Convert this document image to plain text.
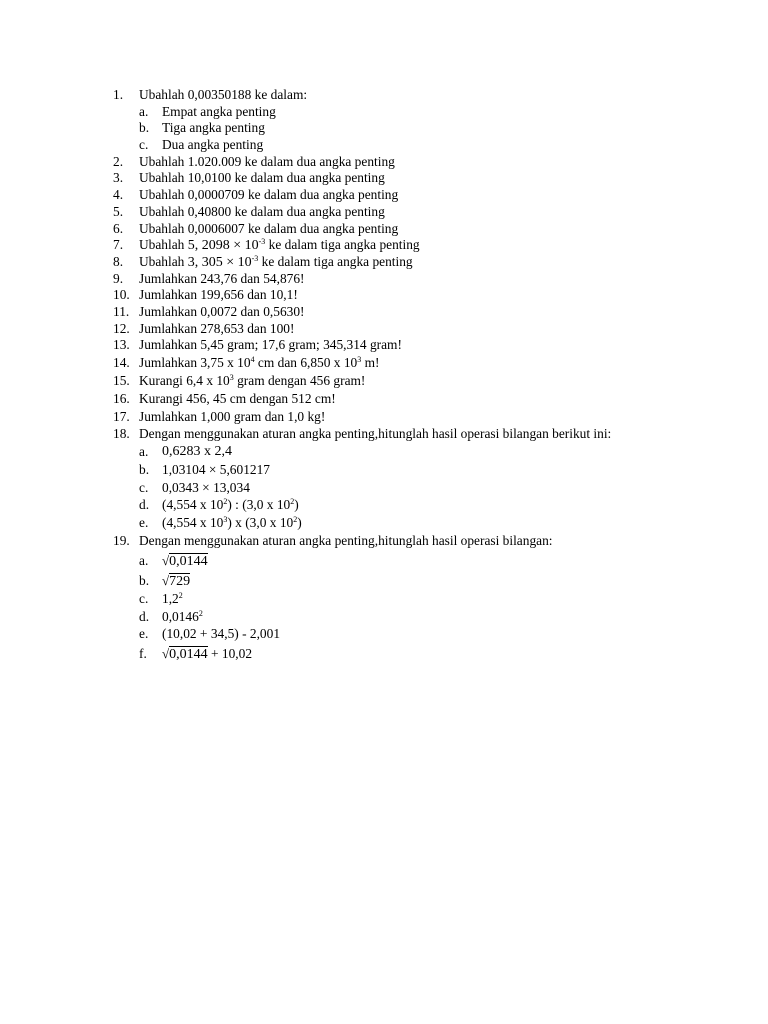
1. Ubahlah 0,00350188 ke dalam:
a. Empat angka penting
b. Tiga angka penting
c. Dua angka penting
2. Ubahlah 1.020.009 ke dalam dua angka penting
3. Ubahlah 10,0100 ke dalam dua angka penting
4. Ubahlah 0,0000709 ke dalam dua angka penting
5. Ubahlah 0,40800 ke dalam dua angka penting
6. Ubahlah 0,0006007 ke dalam dua angka penting
7. Ubahlah 5, $2098 \times 10^{-3}$ ke dalam tiga angka penting
8. Ubahlah 3, $305 \times 10^{-3}$ ke dalam tiga angka penting
9. Jumlahkan 243,76 dan 54,876!
10. Jumlahkan 199,656 dan 10,1!
11. Jumlahkan 0,0072 dan 0,5630!
12. Jumlahkan 278,653 dan 100!
13. Jumlahkan 5,45 gram; 17,6 gram; 345,314 gram!
14. Jumlahkan 3,75 x $10^4$ cm dan 6,850 x $10^3$ m!
15. Kurangi 6,4 x $10^3$ gram dengan 456 gram!
16. Kurangi 456, 45 cm dengan 512 cm!
17. Jumlahkan 1,000 gram dan 1,0 kg!
18. Dengan menggunakan aturan angka penting,hitunglah hasil operasi bilangan berikut ini:
a. 0,6283 x 2,4
b. 1,03104 × 5,601217
c. 0,0343 × 13,034
d. (4,554 x $10^2$) : (3,0 x $10^2$)
e. (4,554 x $10^3$) x (3,0 x $10^2$)
19. Dengan menggunakan aturan angka penting,hitunglah hasil operasi bilangan:
a. √0,0144
b. √729
c. $1,2^2$
d. 0,0146$^2$
e. (10,02 + 34,5) - 2,001
f. √0,0144 + 10,02
